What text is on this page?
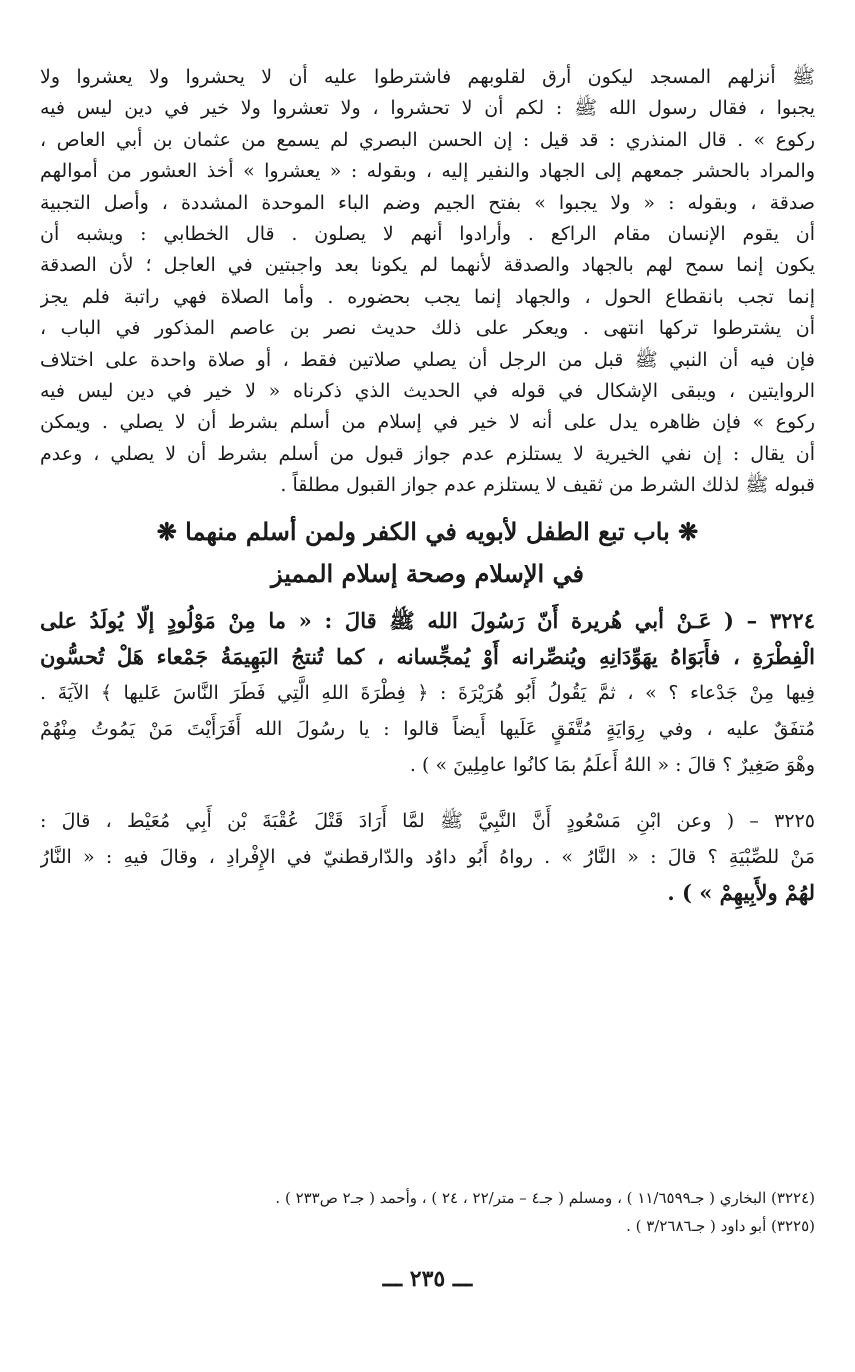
ﷺ أنزلهم المسجد ليكون أرق لقلوبهم فاشترطوا عليه أن لا يحشروا ولا يعشروا ولا
يجبوا ، فقال رسول الله ﷺ : لكم أن لا تحشروا ، ولا تعشروا ولا خير في دين ليس فيه
ركوع » . قال المنذري : قد قيل : إن الحسن البصري لم يسمع من عثمان بن أبي العاص ،
والمراد بالحشر جمعهم إلى الجهاد والنفير إليه ، وبقوله : « يعشروا » أخذ العشور من أموالهم
صدقة ، وبقوله : « ولا يجبوا » بفتح الجيم وضم الباء الموحدة المشددة ، وأصل التجبية
أن يقوم الإنسان مقام الراكع . وأرادوا أنهم لا يصلون . قال الخطابي : ويشبه أن
يكون إنما سمح لهم بالجهاد والصدقة لأنهما لم يكونا بعد واجبتين في العاجل ؛ لأن الصدقة
إنما تجب بانقطاع الحول ، والجهاد إنما يجب بحضوره . وأما الصلاة فهي راتبة فلم يجز
أن يشترطوا تركها انتهى . ويعكر على ذلك حديث نصر بن عاصم المذكور في الباب ،
فإن فيه أن النبي ﷺ قبل من الرجل أن يصلي صلاتين فقط ، أو صلاة واحدة على اختلاف
الروايتين ، ويبقى الإشكال في قوله في الحديث الذي ذكرناه « لا خير في دين ليس فيه
ركوع » فإن ظاهره يدل على أنه لا خير في إسلام من أسلم بشرط أن لا يصلي . ويمكن
أن يقال : إن نفي الخيرية لا يستلزم عدم جواز قبول من أسلم بشرط أن لا يصلي ، وعدم
قبوله ﷺ لذلك الشرط من ثقيف لا يستلزم عدم جواز القبول مطلقاً .
❋ باب تبع الطفل لأبويه في الكفر ولمن أسلم منهما ❋
في الإسلام وصحة إسلام المميز
٣٢٢٤ – ( عَـنْ أبي هُريرة أَنّ رَسُولَ الله ﷺ قالَ : « ما مِنْ مَوْلُودٍ إلّا يُولَدُ على
الْفِطْرَةِ ، فأَبَوَاهُ يهَوِّدَانِهِ ويُنصِّرانه أَوْ يُمجِّسانه ، كما تُنتجُ البَهِيمَةُ جَمْعاء هَلْ تُحسُّون
فِيها مِنْ جَدْعاء ؟ » ، ثمَّ يَقُولُ أَبُو هُرَيْرَةَ : ﴿ فِطْرَةَ اللهِ الَّتِي فَطَرَ النَّاسَ عَليها ﴾ الآيَةَ .
مُتفَقٌ عليه ، وفي رِوَايَةٍ مُتَّفَقٍ عَلَيها أَيضاً قالوا : يا رسُولَ الله أَفَرَأَيْتَ مَنْ يَمُوتُ مِنْهُمْ
وهْوَ صَغِيرٌ ؟ قالَ : « اللهُ أَعلَمُ بمَا كانُوا عامِلِينَ » ) .
٣٢٢٥ – ( وعن ابْنِ مَسْعُودٍ أَنَّ النَّبِيَّ ﷺ لمَّا أَرَادَ قَتْلَ عُقْبَةَ بْن أَبِي مُعَيْط ، قالَ :
مَنْ للصِّبْيَةِ ؟ قالَ : « النَّارُ » . رواهُ أَبُو داوُد والدّارقطنيّ في الإِفْرادِ ، وقالَ فيهِ : « النَّارُ
لهُمْ ولأَبِيهِمْ » ) .
(٣٢٢٤) البخاري ( جـ١١/٦٥٩٩ ) ، ومسلم ( جـ٤ – متر/٢٢ ، ٢٤ ) ، وأحمد ( جـ٢ ص٢٣٣ ) .
(٣٢٢٥) أبو داود ( جـ٣/٢٦٨٦ ) .
ـــ ٢٣٥ ـــ
